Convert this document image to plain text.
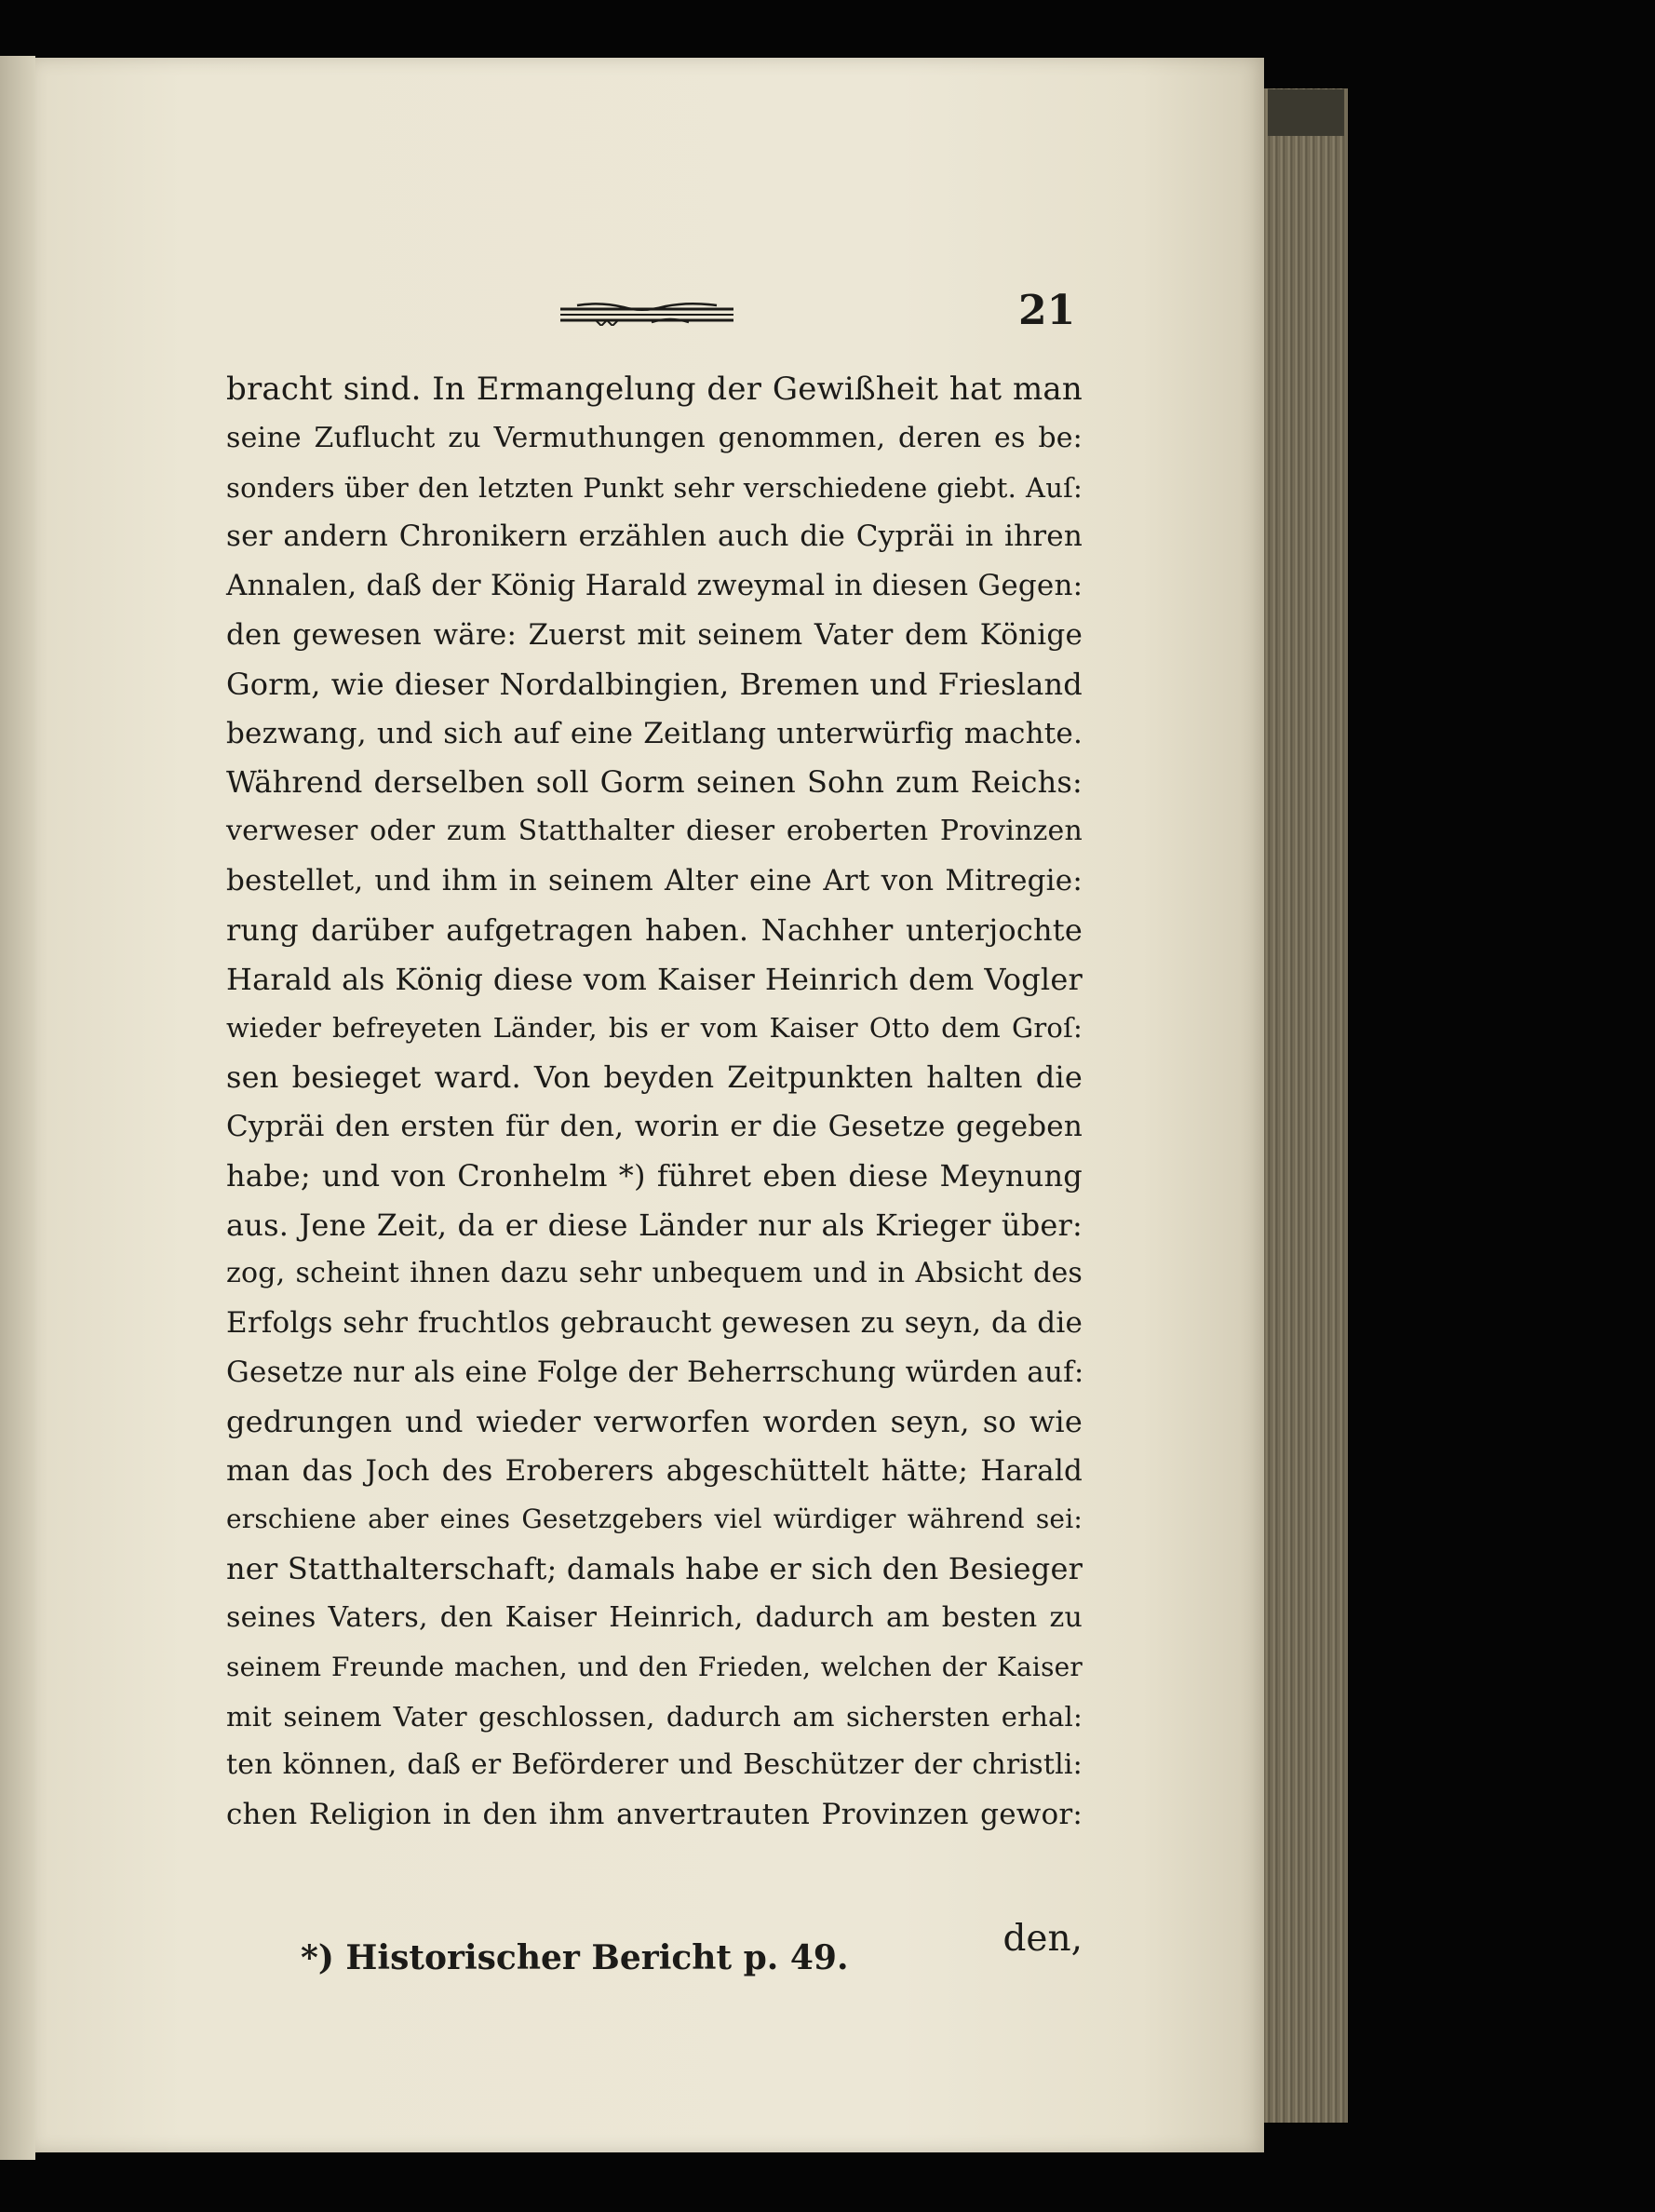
21
bracht sind. In Ermangelung der Gewißheit hat man
seine Zuflucht zu Vermuthungen genommen, deren es be:
sonders über den letzten Punkt sehr verschiedene giebt. Auſ:
ser andern Chronikern erzählen auch die Cypräi in ihren
Annalen, daß der König Harald zweymal in diesen Gegen:
den gewesen wäre: Zuerst mit seinem Vater dem Könige
Gorm, wie dieser Nordalbingien, Bremen und Friesland
bezwang, und sich auf eine Zeitlang unterwürfig machte.
Während derselben soll Gorm seinen Sohn zum Reichs:
verweser oder zum Statthalter dieser eroberten Provinzen
bestellet, und ihm in seinem Alter eine Art von Mitregie:
rung darüber aufgetragen haben. Nachher unterjochte
Harald als König diese vom Kaiser Heinrich dem Vogler
wieder befreyeten Länder, bis er vom Kaiser Otto dem Groſ:
sen besieget ward. Von beyden Zeitpunkten halten die
Cypräi den ersten für den, worin er die Gesetze gegeben
habe; und von Cronhelm *) führet eben diese Meynung
aus. Jene Zeit, da er diese Länder nur als Krieger über:
zog, scheint ihnen dazu sehr unbequem und in Absicht des
Erfolgs sehr fruchtlos gebraucht gewesen zu seyn, da die
Gesetze nur als eine Folge der Beherrschung würden auf:
gedrungen und wieder verworfen worden seyn, so wie
man das Joch des Eroberers abgeschüttelt hätte; Harald
erschiene aber eines Gesetzgebers viel würdiger während sei:
ner Statthalterschaft; damals habe er sich den Besieger
seines Vaters, den Kaiser Heinrich, dadurch am besten zu
seinem Freunde machen, und den Frieden, welchen der Kaiser
mit seinem Vater geschlossen, dadurch am sichersten erhal:
ten können, daß er Beförderer und Beschützer der christli:
chen Religion in den ihm anvertrauten Provinzen gewor:
den,
*) Historischer Bericht p. 49.
